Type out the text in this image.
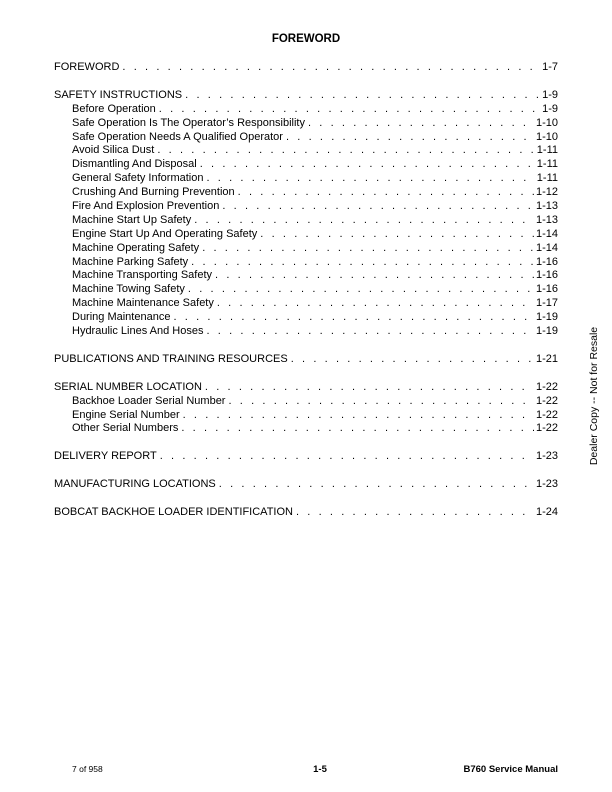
FOREWORD
FOREWORD . . .	1-7
SAFETY INSTRUCTIONS . . .	1-9
Before Operation . . .	1-9
Safe Operation Is The Operator’s Responsibility . . .	1-10
Safe Operation Needs A Qualified Operator . . .	1-10
Avoid Silica Dust . . .	1-11
Dismantling And Disposal . . .	1-11
General Safety Information . . .	1-11
Crushing And Burning Prevention . . .	1-12
Fire And Explosion Prevention . . .	1-13
Machine Start Up Safety . . .	1-13
Engine Start Up And Operating Safety . . .	1-14
Machine Operating Safety . . .	1-14
Machine Parking Safety . . .	1-16
Machine Transporting Safety . . .	1-16
Machine Towing Safety . . .	1-16
Machine Maintenance Safety . . .	1-17
During Maintenance . . .	1-19
Hydraulic Lines And Hoses . . .	1-19
PUBLICATIONS AND TRAINING RESOURCES . . .	1-21
SERIAL NUMBER LOCATION . . .	1-22
Backhoe Loader Serial Number . . .	1-22
Engine Serial Number . . .	1-22
Other Serial Numbers . . .	1-22
DELIVERY REPORT . . .	1-23
MANUFACTURING LOCATIONS . . .	1-23
BOBCAT BACKHOE LOADER IDENTIFICATION . . .	1-24
Dealer Copy -- Not for Resale
7 of 958	1-5	B760 Service Manual
